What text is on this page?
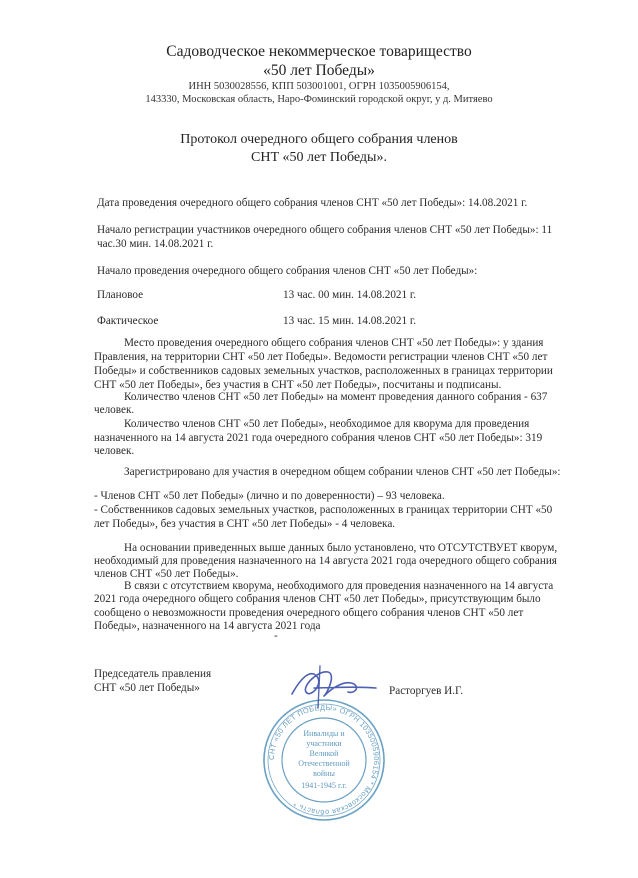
Садоводческое некоммерческое товарищество
«50 лет Победы»
ИНН 5030028556, КПП 503001001, ОГРН 1035005906154,
143330, Московская область, Наро-Фоминский городской округ, у д. Митяево
Протокол очередного общего собрания членов
СНТ «50 лет Победы».
Дата проведения очередного общего собрания членов СНТ «50 лет Победы»: 14.08.2021 г.
Начало регистрации участников очередного общего собрания членов СНТ «50 лет Победы»: 11
час.30 мин. 14.08.2021 г.
Начало проведения очередного общего собрания членов СНТ «50 лет Победы»:
Плановое	13 час. 00 мин. 14.08.2021 г.
Фактическое	13 час. 15 мин. 14.08.2021 г.
Место проведения очередного общего собрания членов СНТ «50 лет Победы»: у здания
Правления, на территории СНТ «50 лет Победы». Ведомости регистрации членов СНТ «50 лет
Победы» и собственников садовых земельных участков, расположенных в границах территории
СНТ «50 лет Победы», без участия в СНТ «50 лет Победы», посчитаны и подписаны.
Количество членов СНТ «50 лет Победы» на момент проведения данного собрания - 637
человек.
Количество членов СНТ «50 лет Победы», необходимое для кворума для проведения
назначенного на 14 августа 2021 года очередного собрания членов СНТ «50 лет Победы»: 319
человек.
Зарегистрировано для участия в очередном общем собрании членов СНТ «50 лет Победы»:
- Членов СНТ «50 лет Победы» (лично и по доверенности) – 93 человека.
- Собственников садовых земельных участков, расположенных в границах территории СНТ «50
лет Победы», без участия в СНТ «50 лет Победы» - 4 человека.
На основании приведенных выше данных было установлено, что ОТСУТСТВУЕТ кворум,
необходимый для проведения назначенного на 14 августа 2021 года очередного общего собрания
членов СНТ «50 лет Победы».
В связи с отсутствием кворума, необходимого для проведения назначенного на 14 августа
2021 года очередного общего собрания членов СНТ «50 лет Победы», присутствующим было
сообщено о невозможности проведения очередного общего собрания членов СНТ «50 лет
Победы», назначенного на 14 августа 2021 года
-
Председатель правления
СНТ «50 лет Победы»	Расторгуев И.Г.
СНТ «50 ЛЕТ ПОБЕДЫ» ОГРН 1035005906154 * Московская область *
Инвалиды и
участники
Великой
Отечественной
войны
1941-1945 г.г.
